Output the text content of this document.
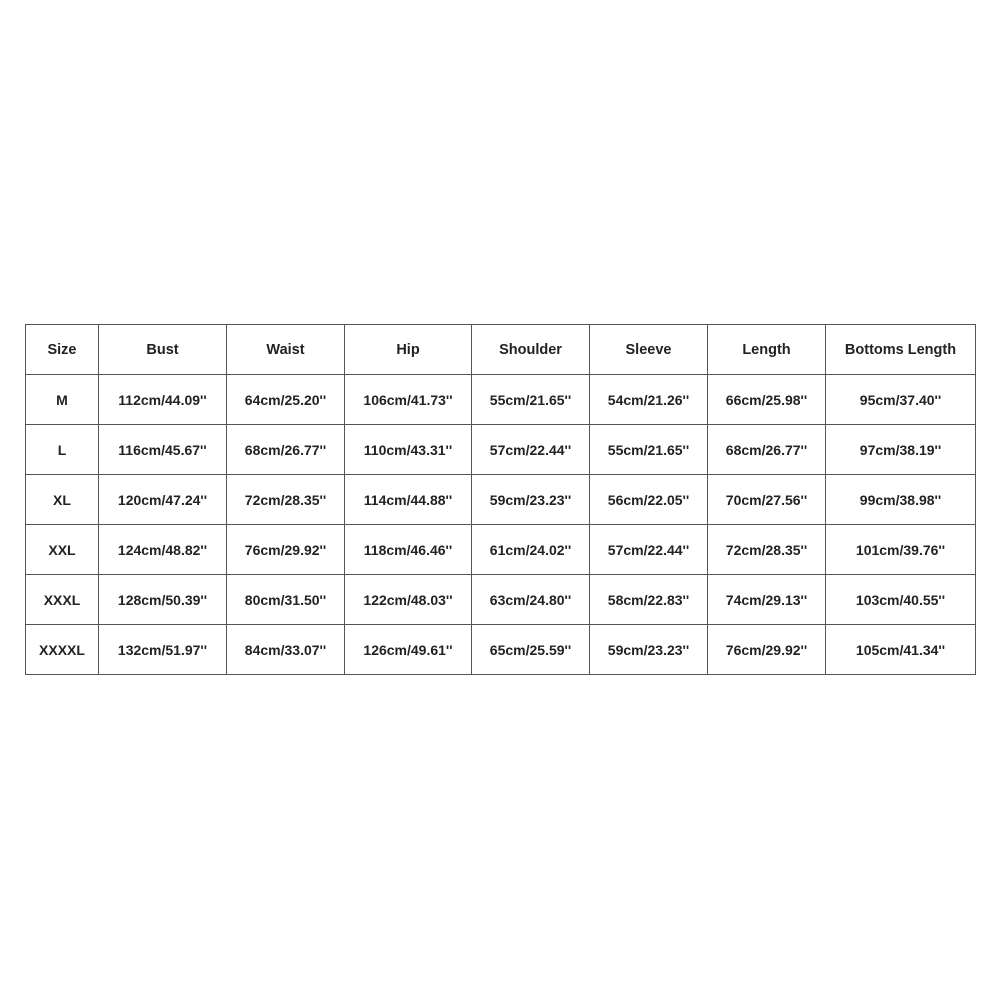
Size	Bust	Waist	Hip	Shoulder	Sleeve	Length	Bottoms Length
M	112cm/44.09''	64cm/25.20''	106cm/41.73''	55cm/21.65''	54cm/21.26''	66cm/25.98''	95cm/37.40''
L	116cm/45.67''	68cm/26.77''	110cm/43.31''	57cm/22.44''	55cm/21.65''	68cm/26.77''	97cm/38.19''
XL	120cm/47.24''	72cm/28.35''	114cm/44.88''	59cm/23.23''	56cm/22.05''	70cm/27.56''	99cm/38.98''
XXL	124cm/48.82''	76cm/29.92''	118cm/46.46''	61cm/24.02''	57cm/22.44''	72cm/28.35''	101cm/39.76''
XXXL	128cm/50.39''	80cm/31.50''	122cm/48.03''	63cm/24.80''	58cm/22.83''	74cm/29.13''	103cm/40.55''
XXXXL	132cm/51.97''	84cm/33.07''	126cm/49.61''	65cm/25.59''	59cm/23.23''	76cm/29.92''	105cm/41.34''
